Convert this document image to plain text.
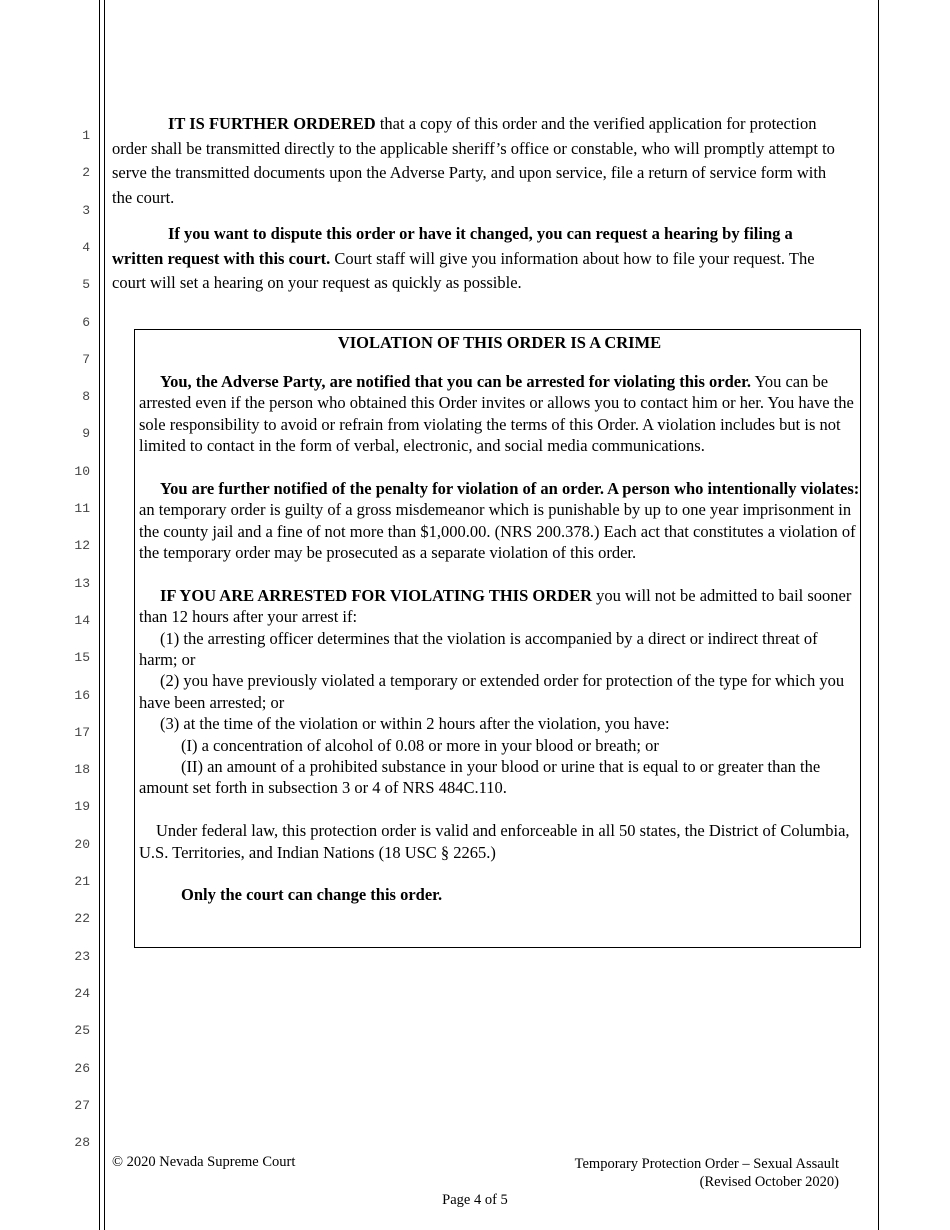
1
2
3
4
5
6
7
8
9
10
11
12
13
14
15
16
17
18
19
20
21
22
23
24
25
26
27
28

IT IS FURTHER ORDERED that a copy of this order and the verified application for protection order shall be transmitted directly to the applicable sheriff’s office or constable, who will promptly attempt to serve the transmitted documents upon the Adverse Party, and upon service, file a return of service form with the court.

If you want to dispute this order or have it changed, you can request a hearing by filing a written request with this court. Court staff will give you information about how to file your request. The court will set a hearing on your request as quickly as possible.

VIOLATION OF THIS ORDER IS A CRIME

You, the Adverse Party, are notified that you can be arrested for violating this order. You can be arrested even if the person who obtained this Order invites or allows you to contact him or her. You have the sole responsibility to avoid or refrain from violating the terms of this Order. A violation includes but is not limited to contact in the form of verbal, electronic, and social media communications.

You are further notified of the penalty for violation of an order. A person who intentionally violates: an temporary order is guilty of a gross misdemeanor which is punishable by up to one year imprisonment in the county jail and a fine of not more than $1,000.00. (NRS 200.378.) Each act that constitutes a violation of the temporary order may be prosecuted as a separate violation of this order.

IF YOU ARE ARRESTED FOR VIOLATING THIS ORDER you will not be admitted to bail sooner than 12 hours after your arrest if:

(1) the arresting officer determines that the violation is accompanied by a direct or indirect threat of harm; or

(2) you have previously violated a temporary or extended order for protection of the type for which you have been arrested; or

(3) at the time of the violation or within 2 hours after the violation, you have:

(I) a concentration of alcohol of 0.08 or more in your blood or breath; or

(II) an amount of a prohibited substance in your blood or urine that is equal to or greater than the amount set forth in subsection 3 or 4 of NRS 484C.110.

Under federal law, this protection order is valid and enforceable in all 50 states, the District of Columbia, U.S. Territories, and Indian Nations (18 USC § 2265.)

Only the court can change this order.

© 2020 Nevada Supreme Court	Temporary Protection Order – Sexual Assault
(Revised October 2020)
Page 4 of 5
